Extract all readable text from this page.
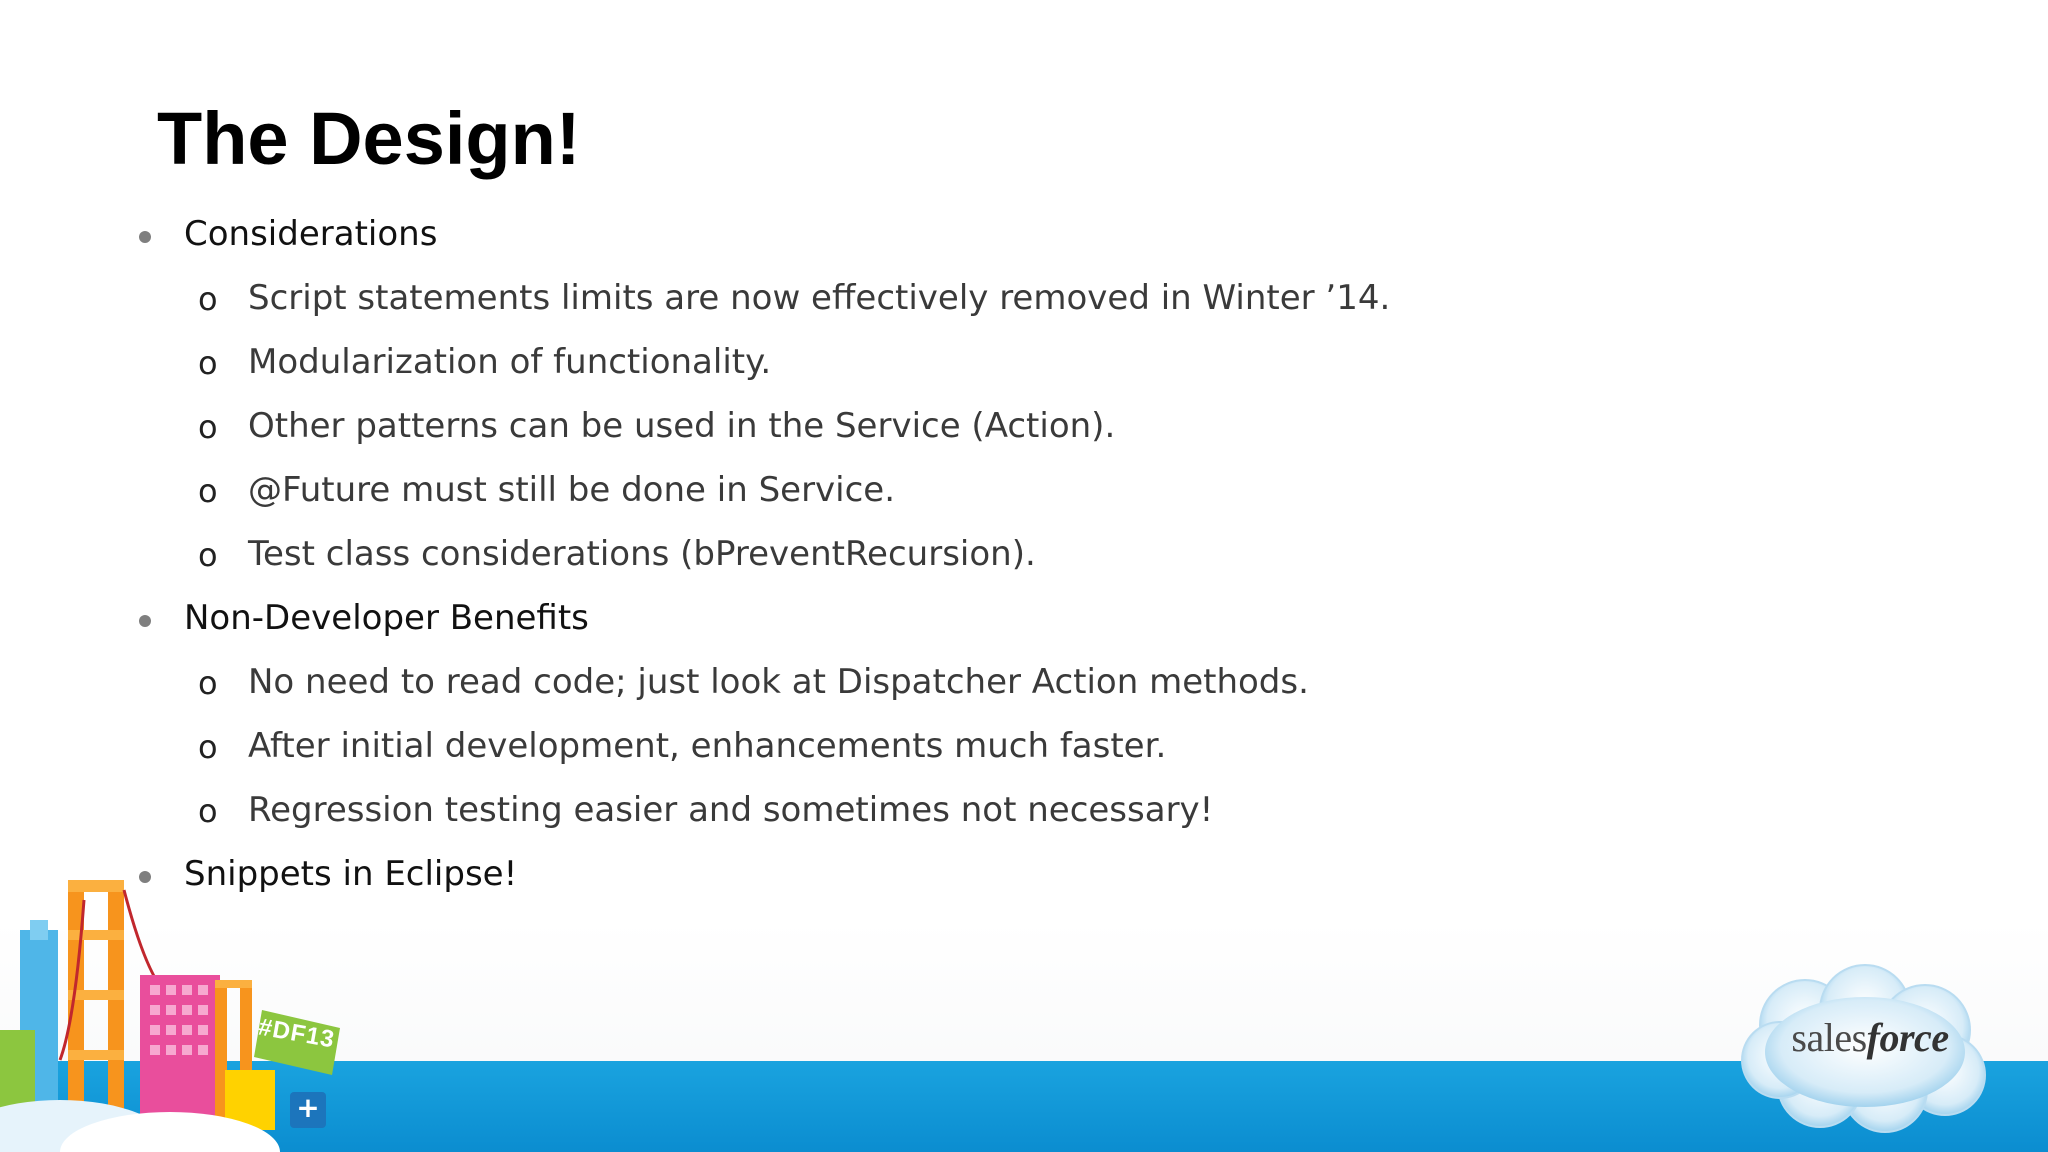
The Design!
Considerations
o Script statements limits are now effectively removed in Winter ’14.
o Modularization of functionality.
o Other patterns can be used in the Service (Action).
o @Future must still be done in Service.
o Test class considerations (bPreventRecursion).
Non-Developer Benefits
o No need to read code; just look at Dispatcher Action methods.
o After initial development, enhancements much faster.
o Regression testing easier and sometimes not necessary!
Snippets in Eclipse!
#DF13
+
salesforce
